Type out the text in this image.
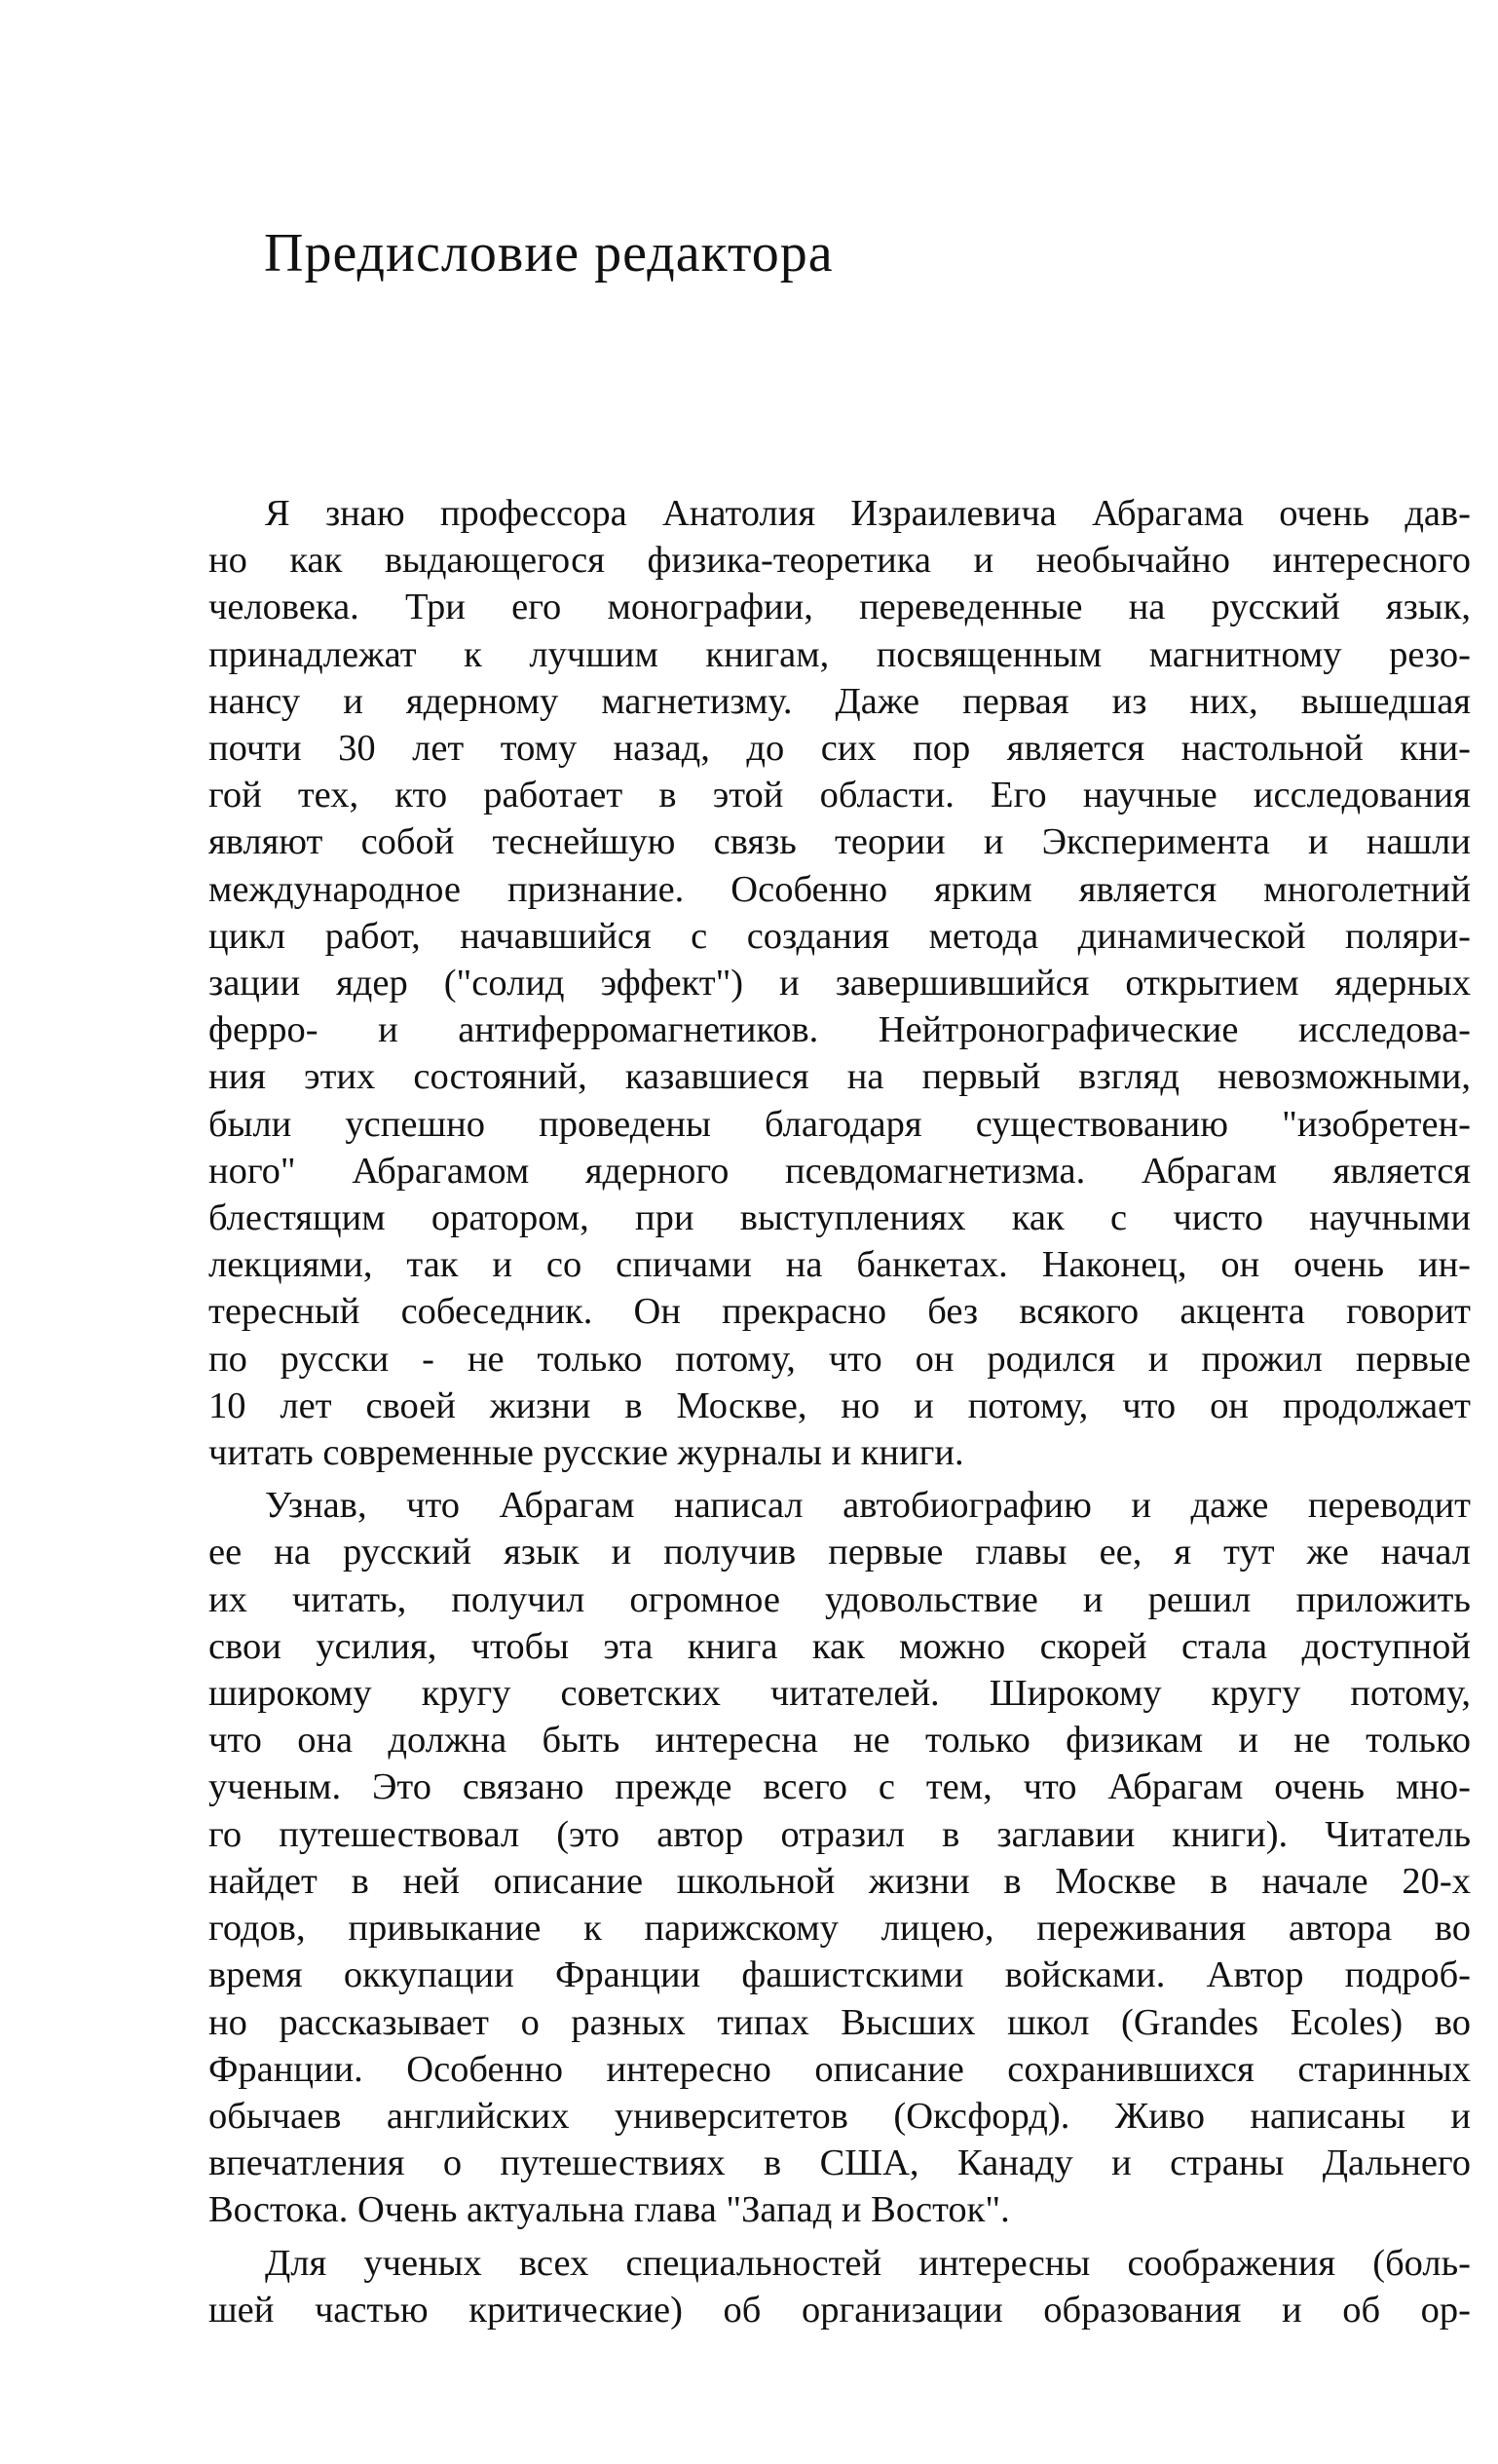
Предисловие редактора

Я знаю профессора Анатолия Израилевича Абрагама очень дав-
но как выдающегося физика-теоретика и необычайно интересного
человека. Три его монографии, переведенные на русский язык,
принадлежат к лучшим книгам, посвященным магнитному резо-
нансу и ядерному магнетизму. Даже первая из них, вышедшая
почти 30 лет тому назад, до сих пор является настольной кни-
гой тех, кто работает в этой области. Его научные исследования
являют собой теснейшую связь теории и Эксперимента и нашли
международное признание. Особенно ярким является многолетний
цикл работ, начавшийся с создания метода динамической поляри-
зации ядер ("солид эффект") и завершившийся открытием ядерных
ферро- и антиферромагнетиков. Нейтронографические исследова-
ния этих состояний, казавшиеся на первый взгляд невозможными,
были успешно проведены благодаря существованию "изобретен-
ного" Абрагамом ядерного псевдомагнетизма. Абрагам является
блестящим оратором, при выступлениях как с чисто научными
лекциями, так и со спичами на банкетах. Наконец, он очень ин-
тересный собеседник. Он прекрасно без всякого акцента говорит
по русски - не только потому, что он родился и прожил первые
10 лет своей жизни в Москве, но и потому, что он продолжает
читать современные русские журналы и книги.

Узнав, что Абрагам написал автобиографию и даже переводит
ее на русский язык и получив первые главы ее, я тут же начал
их читать, получил огромное удовольствие и решил приложить
свои усилия, чтобы эта книга как можно скорей стала доступной
широкому кругу советских читателей. Широкому кругу потому,
что она должна быть интересна не только физикам и не только
ученым. Это связано прежде всего с тем, что Абрагам очень мно-
го путешествовал (это автор отразил в заглавии книги). Читатель
найдет в ней описание школьной жизни в Москве в начале 20-х
годов, привыкание к парижскому лицею, переживания автора во
время оккупации Франции фашистскими войсками. Автор подроб-
но рассказывает о разных типах Высших школ (Grandes Ecoles) во
Франции. Особенно интересно описание сохранившихся старинных
обычаев английских университетов (Оксфорд). Живо написаны и
впечатления о путешествиях в США, Канаду и страны Дальнего
Востока. Очень актуальна глава "Запад и Восток".

Для ученых всех специальностей интересны соображения (боль-
шей частью критические) об организации образования и об ор-
